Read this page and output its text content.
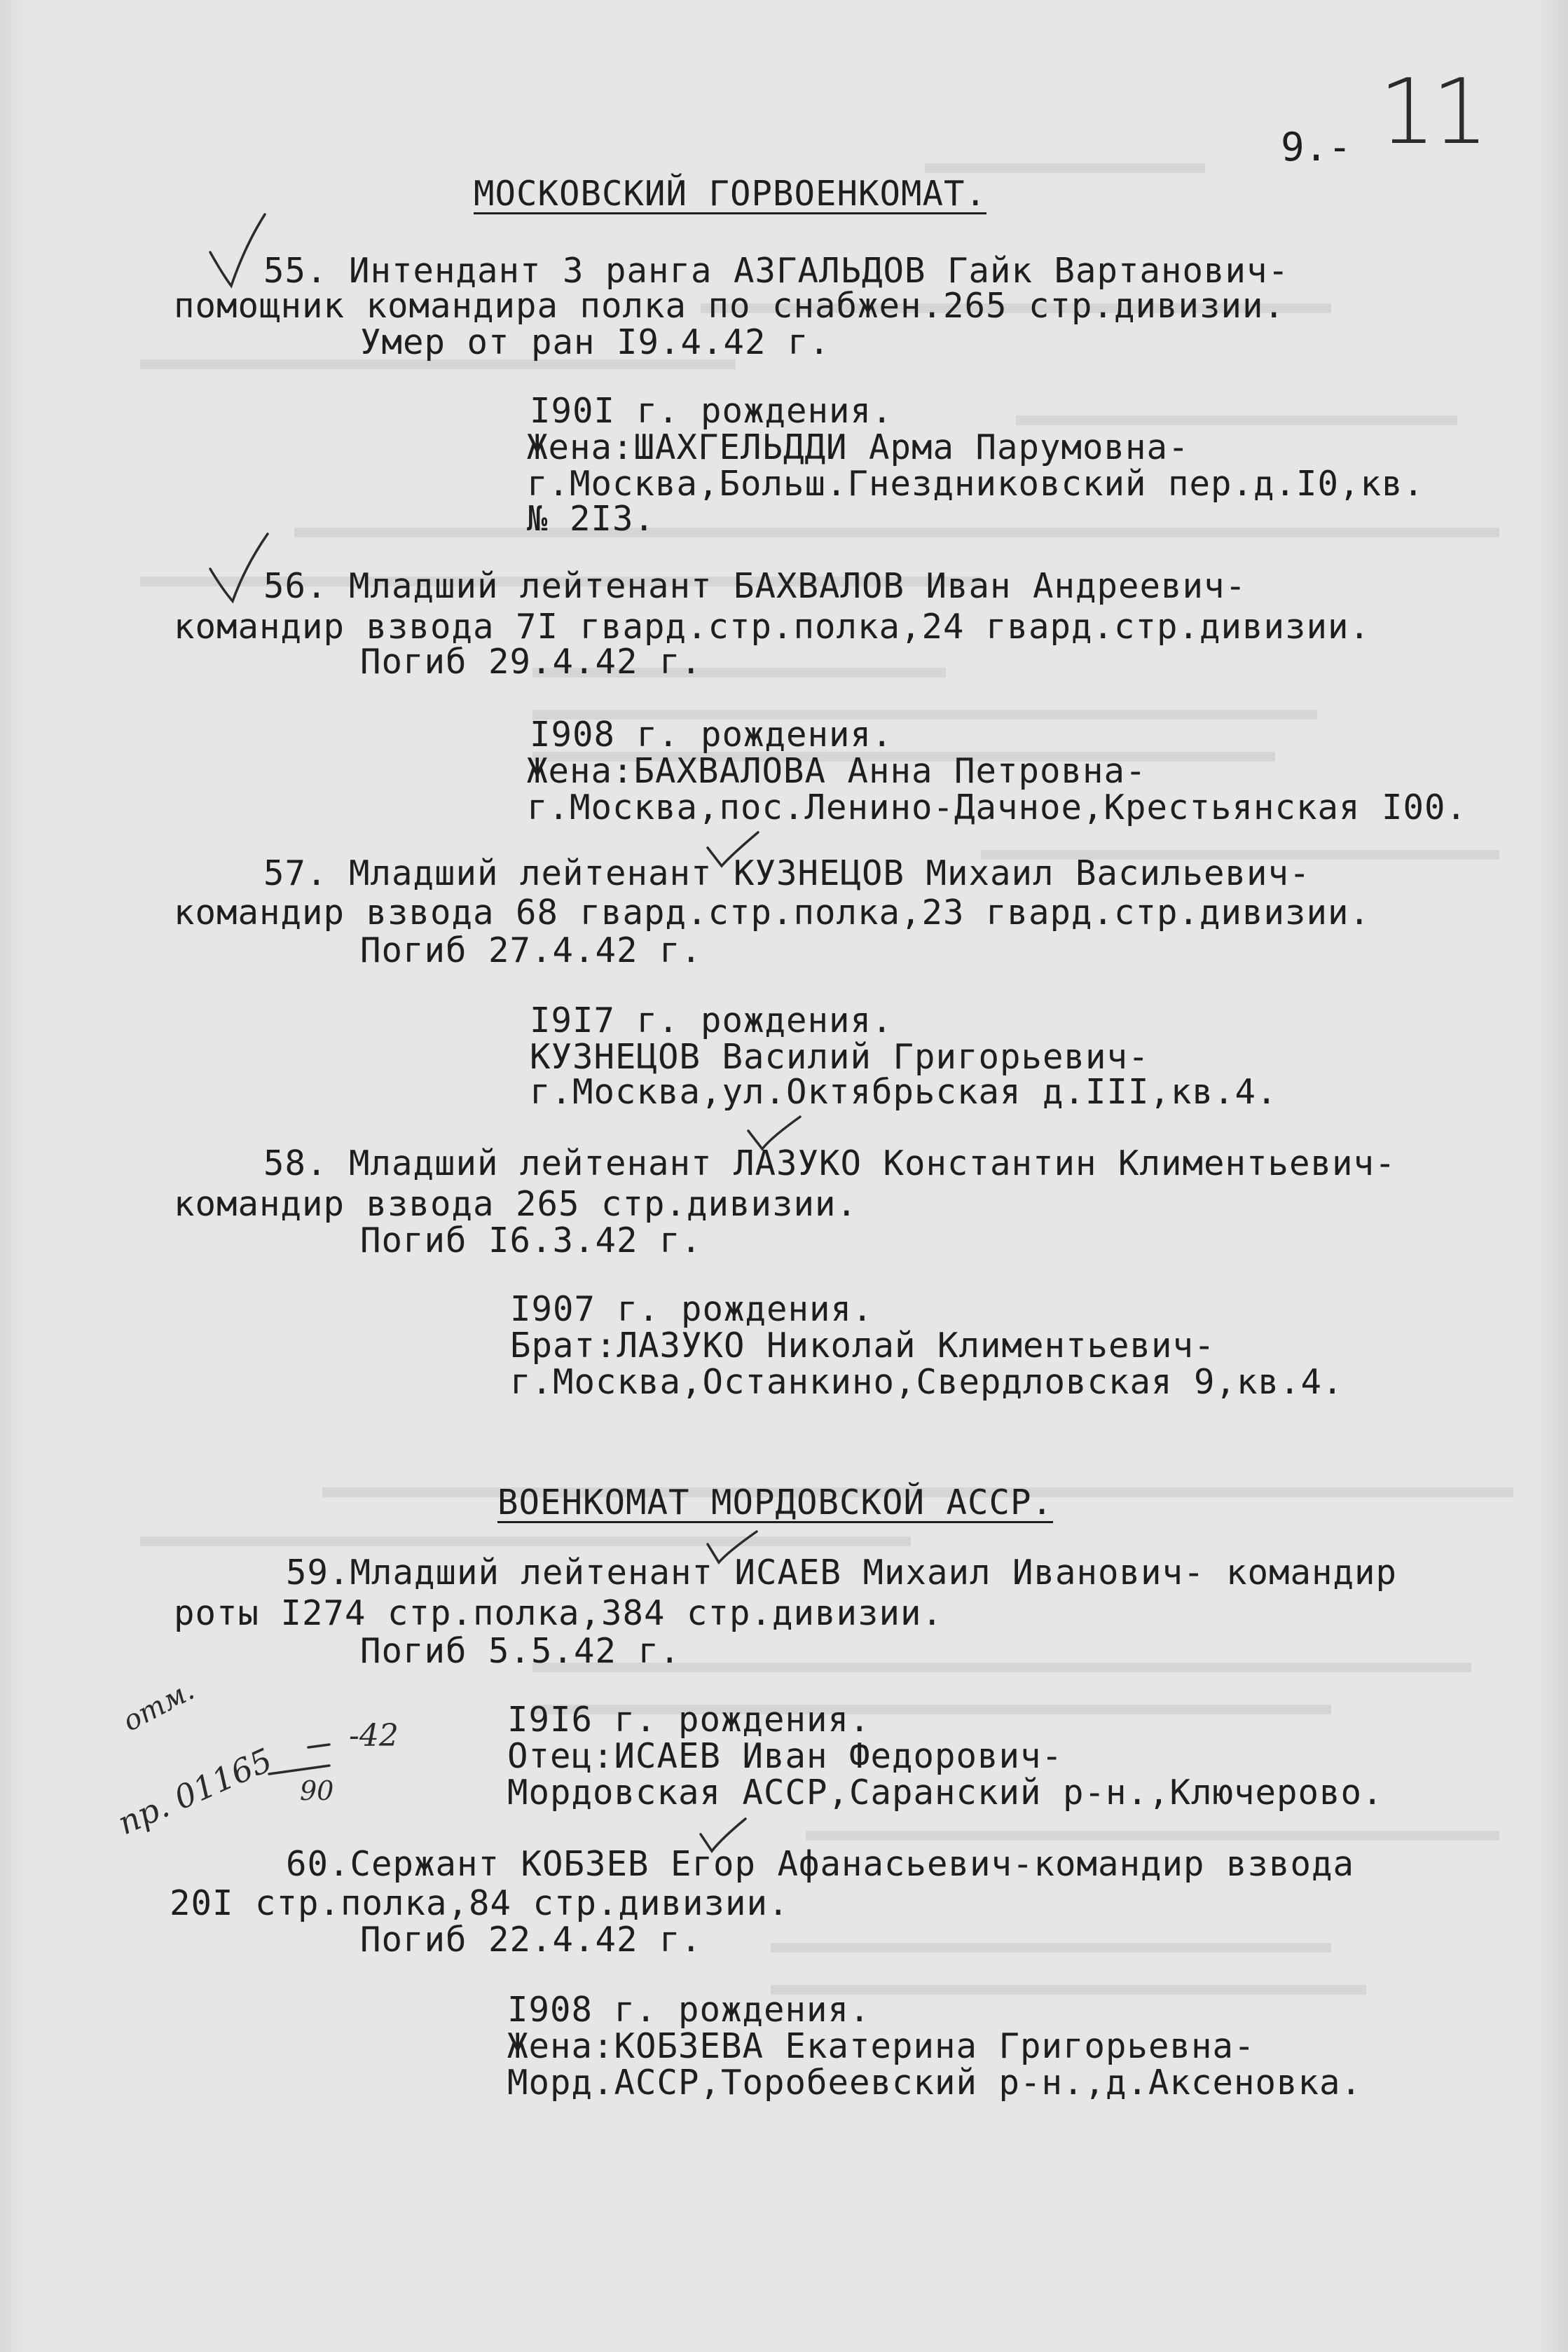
9.- 11
МОСКОВСКИЙ ГОРВОЕНКОМАТ.
55. Интендант 3 ранга АЗГАЛЬДОВ Гайк Вартанович-
помощник командира полка по снабжен.265 стр.дивизии.
Умер от ран I9.4.42 г.
I90I г. рождения.
Жена:ШАХГЕЛЬДДИ Арма Парумовна-
г.Москва,Больш.Гнездниковский пер.д.I0,кв.
№ 2I3.
56. Младший лейтенант БАХВАЛОВ Иван Андреевич-
командир взвода 7I гвард.стр.полка,24 гвард.стр.дивизии.
Погиб 29.4.42 г.
I908 г. рождения.
Жена:БАХВАЛОВА Анна Петровна-
г.Москва,пос.Ленино-Дачное,Крестьянская I00.
57. Младший лейтенант КУЗНЕЦОВ Михаил Васильевич-
командир взвода 68 гвард.стр.полка,23 гвард.стр.дивизии.
Погиб 27.4.42 г.
I9I7 г. рождения.
КУЗНЕЦОВ Василий Григорьевич-
г.Москва,ул.Октябрьская д.III,кв.4.
58. Младший лейтенант ЛАЗУКО Константин Климентьевич-
командир взвода 265 стр.дивизии.
Погиб I6.3.42 г.
I907 г. рождения.
Брат:ЛАЗУКО Николай Климентьевич-
г.Москва,Останкино,Свердловская 9,кв.4.
ВОЕНКОМАТ МОРДОВСКОЙ АССР.
59.Младший лейтенант ИСАЕВ Михаил Иванович- командир
роты I274 стр.полка,384 стр.дивизии.
Погиб 5.5.42 г.
I9I6 г. рождения.
Отец:ИСАЕВ Иван Федорович-
Мордовская АССР,Саранский р-н.,Ключерово.
60.Сержант КОБЗЕВ Егор Афанасьевич-командир взвода
20I стр.полка,84 стр.дивизии.
Погиб 22.4.42 г.
I908 г. рождения.
Жена:КОБЗЕВА Екатерина Григорьевна-
Морд.АССР,Торобеевский р-н.,д.Аксеновка.
отм.
пр. 01165
-42
90
